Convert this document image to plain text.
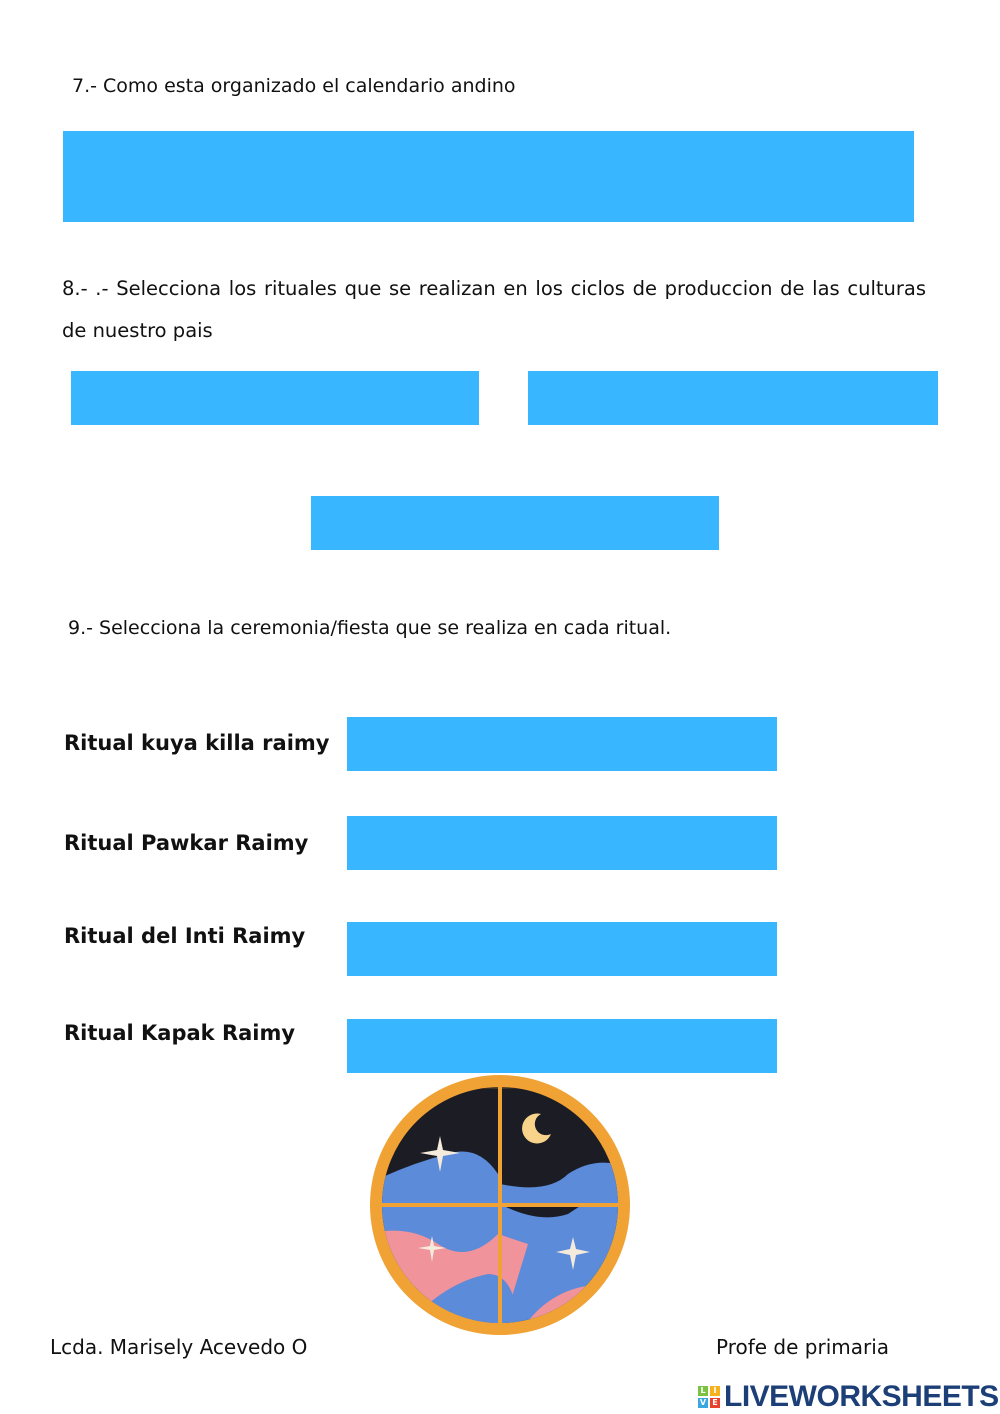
7.- Como esta organizado el calendario andino
8.- .- Selecciona los rituales que se realizan en los ciclos de produccion de las culturas de nuestro pais
9.- Selecciona la ceremonia/fiesta que se realiza en cada ritual.
Ritual kuya killa raimy
Ritual Pawkar Raimy
Ritual del Inti Raimy
Ritual Kapak Raimy
Lcda. Marisely Acevedo O	Profe de primaria
L I
V E LIVEWORKSHEETS
